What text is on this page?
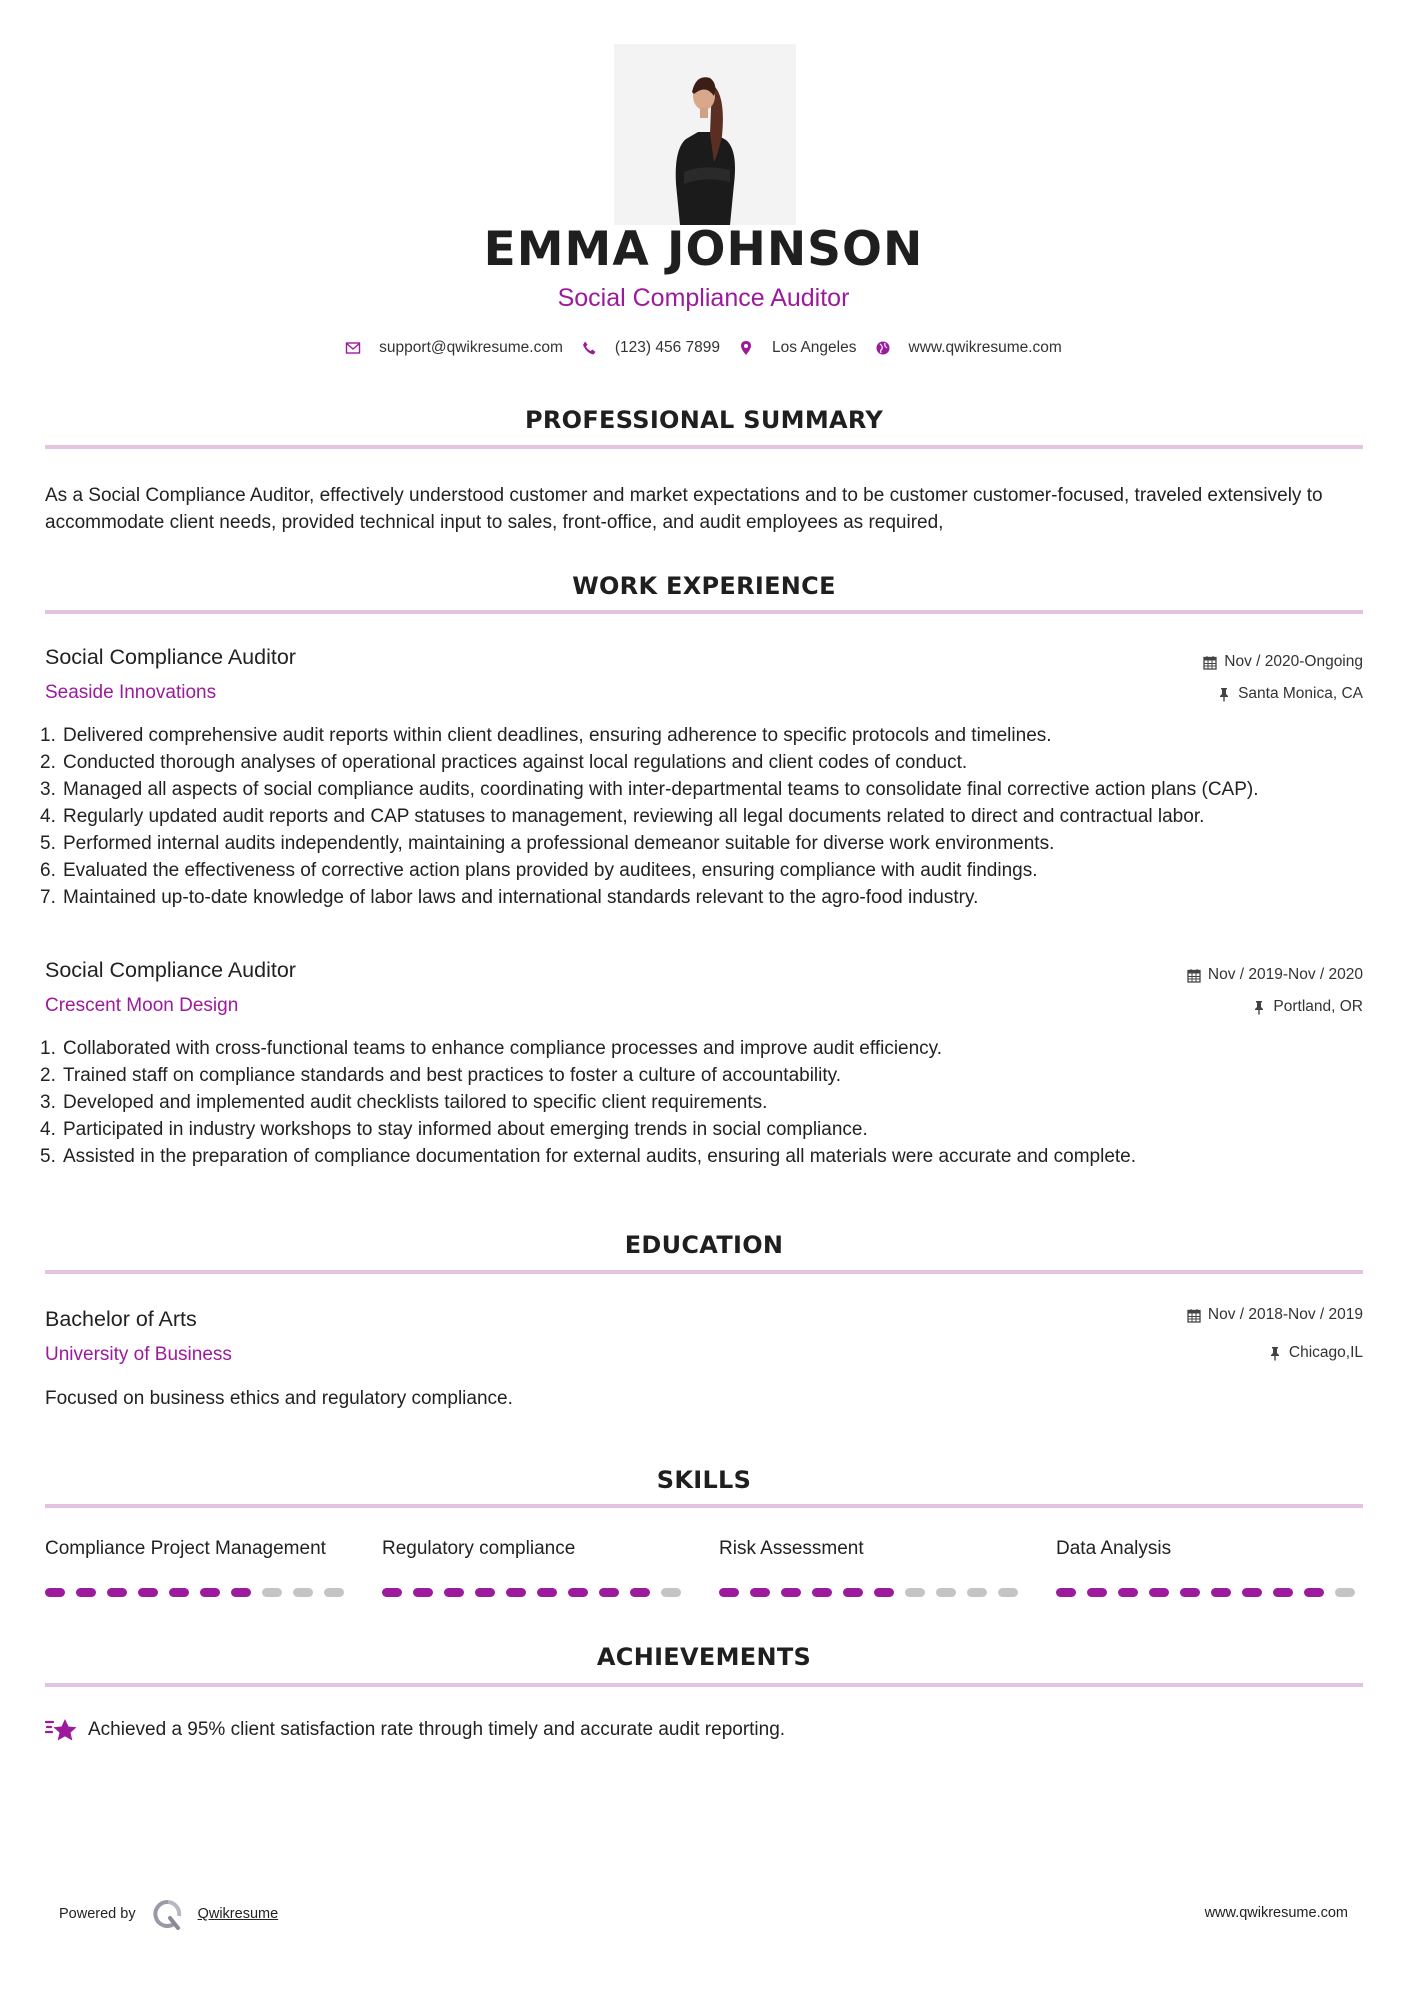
EMMA JOHNSON
Social Compliance Auditor
support@qwikresume.com	(123) 456 7899	Los Angeles	www.qwikresume.com
PROFESSIONAL SUMMARY
As a Social Compliance Auditor, effectively understood customer and market expectations and to be customer customer-focused, traveled extensively to accommodate client needs, provided technical input to sales, front-office, and audit employees as required,
WORK EXPERIENCE
Social Compliance Auditor
Seaside Innovations
Nov / 2020-Ongoing
Santa Monica, CA
1. Delivered comprehensive audit reports within client deadlines, ensuring adherence to specific protocols and timelines.
2. Conducted thorough analyses of operational practices against local regulations and client codes of conduct.
3. Managed all aspects of social compliance audits, coordinating with inter-departmental teams to consolidate final corrective action plans (CAP).
4. Regularly updated audit reports and CAP statuses to management, reviewing all legal documents related to direct and contractual labor.
5. Performed internal audits independently, maintaining a professional demeanor suitable for diverse work environments.
6. Evaluated the effectiveness of corrective action plans provided by auditees, ensuring compliance with audit findings.
7. Maintained up-to-date knowledge of labor laws and international standards relevant to the agro-food industry.
Social Compliance Auditor
Crescent Moon Design
Nov / 2019-Nov / 2020
Portland, OR
1. Collaborated with cross-functional teams to enhance compliance processes and improve audit efficiency.
2. Trained staff on compliance standards and best practices to foster a culture of accountability.
3. Developed and implemented audit checklists tailored to specific client requirements.
4. Participated in industry workshops to stay informed about emerging trends in social compliance.
5. Assisted in the preparation of compliance documentation for external audits, ensuring all materials were accurate and complete.
EDUCATION
Bachelor of Arts
University of Business
Nov / 2018-Nov / 2019
Chicago,IL
Focused on business ethics and regulatory compliance.
SKILLS
Compliance Project Management	Regulatory compliance	Risk Assessment	Data Analysis
ACHIEVEMENTS
Achieved a 95% client satisfaction rate through timely and accurate audit reporting.
Powered by	Qwikresume	www.qwikresume.com
